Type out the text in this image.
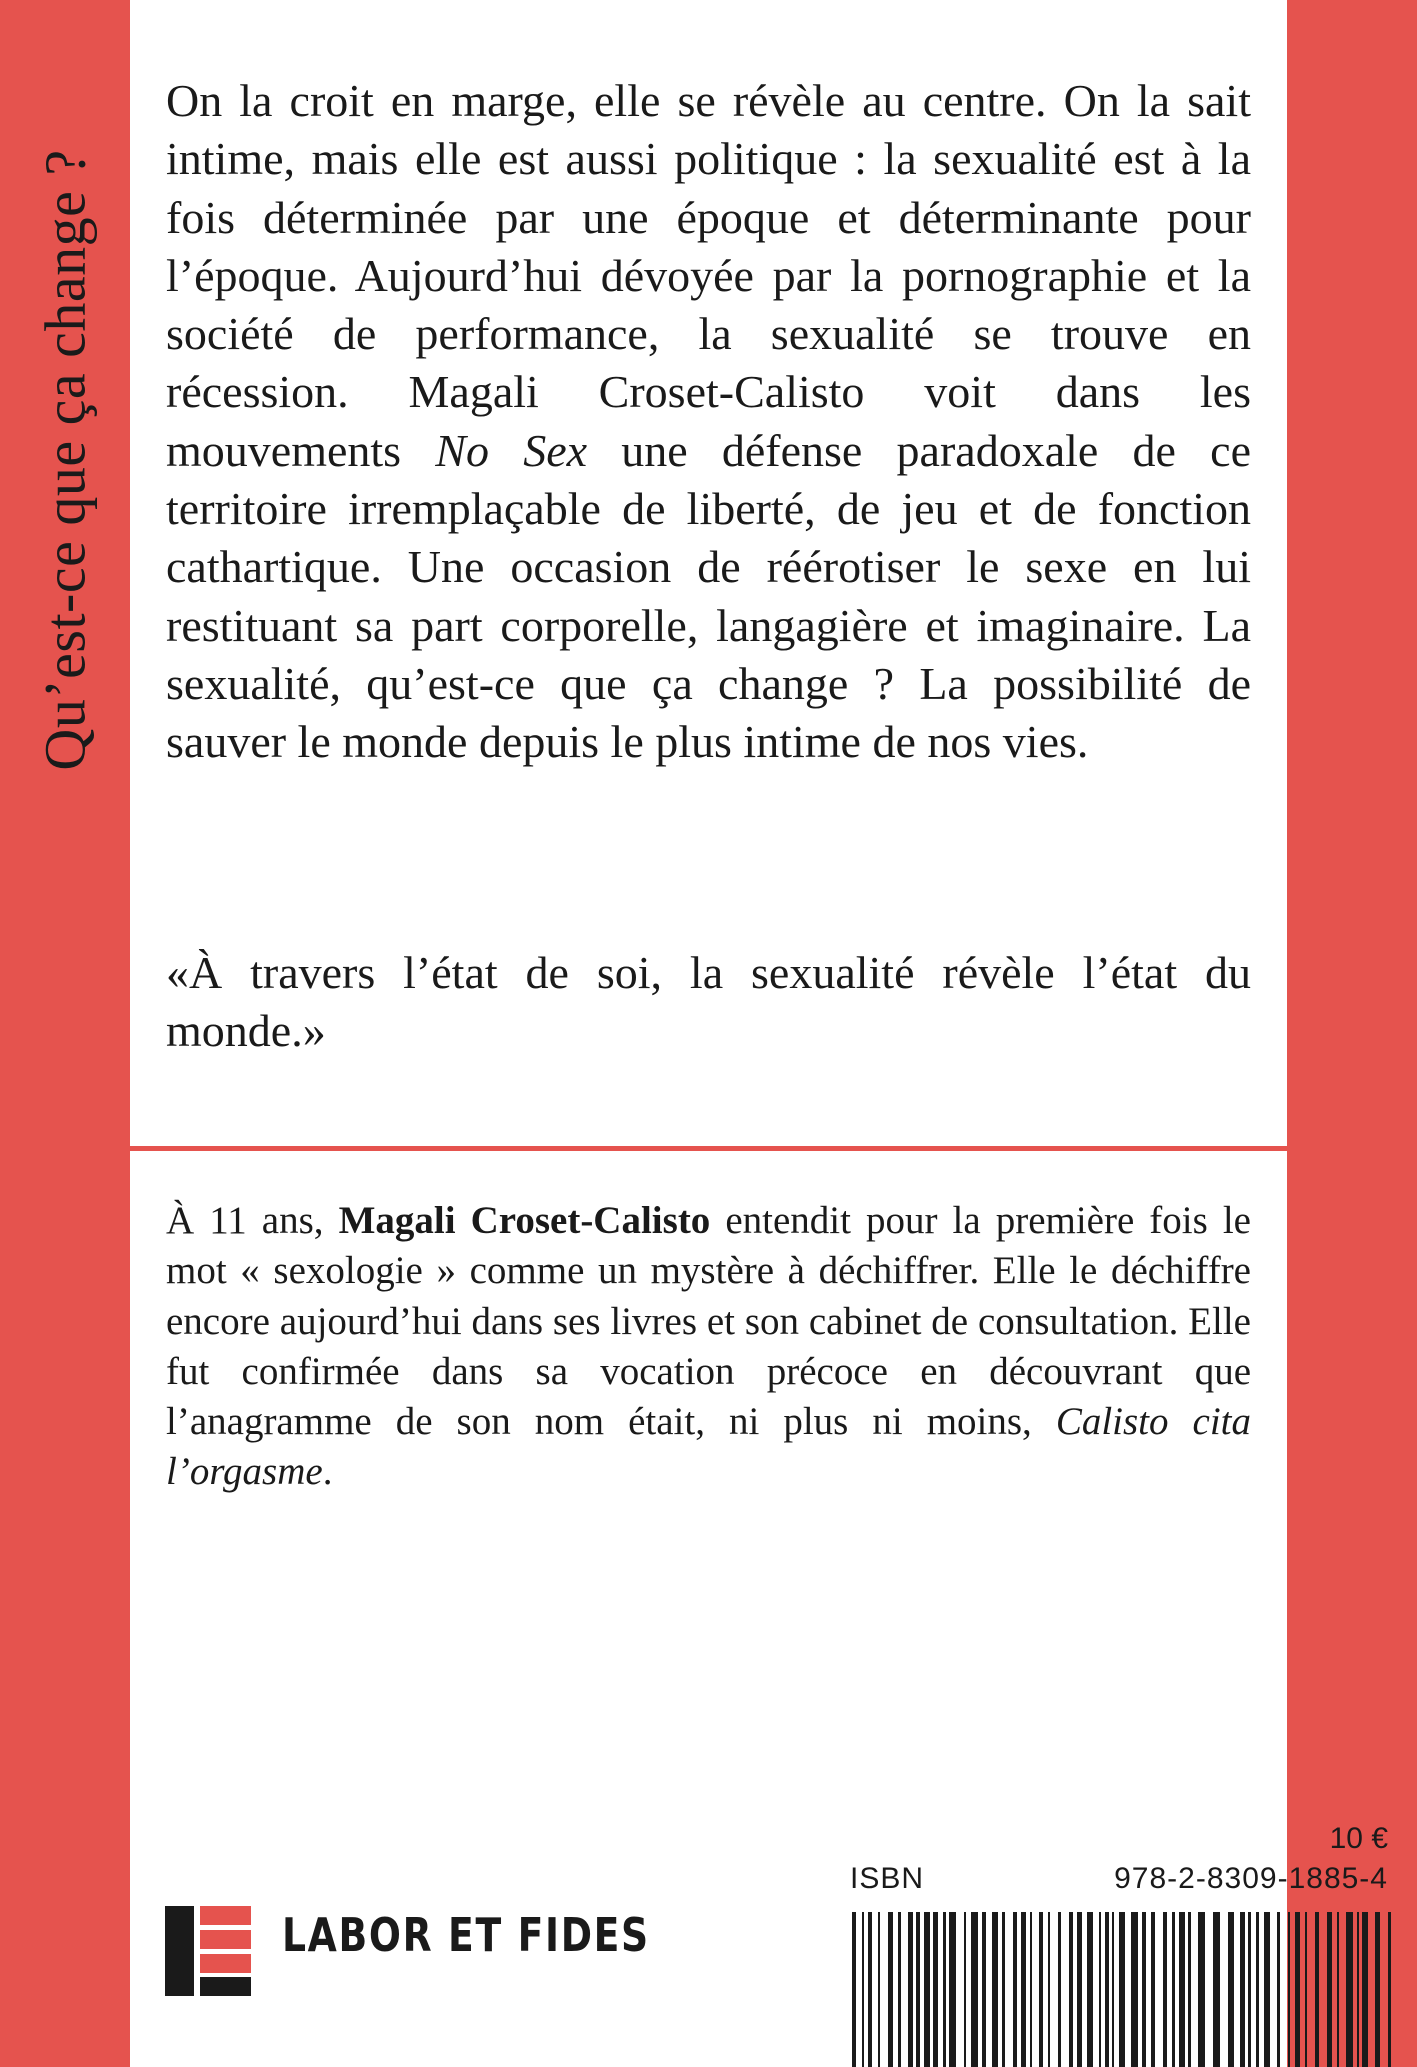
Qu’est-ce que ça change ?

On la croit en marge, elle se révèle au centre. On la sait intime, mais elle est aussi politique : la sexualité est à la fois déterminée par une époque et déterminante pour l’époque. Aujourd’hui dévoyée par la pornographie et la société de performance, la sexualité se trouve en récession. Magali Croset-Calisto voit dans les mouvements No Sex une défense paradoxale de ce territoire irremplaçable de liberté, de jeu et de fonction cathartique. Une occasion de réérotiser le sexe en lui restituant sa part corporelle, langagière et imaginaire. La sexualité, qu’est-ce que ça change ? La possibilité de sauver le monde depuis le plus intime de nos vies.

«À travers l’état de soi, la sexualité révèle l’état du monde.»
À 11 ans, Magali Croset-Calisto entendit pour la première fois le mot « sexologie » comme un mystère à déchiffrer. Elle le déchiffre encore aujourd’hui dans ses livres et son cabinet de consultation. Elle fut confirmée dans sa vocation précoce en découvrant que l’anagramme de son nom était, ni plus ni moins, Calisto cita l’orgasme.
LABOR ET FIDES
10 €
ISBN	978-2-8309-1885-4
